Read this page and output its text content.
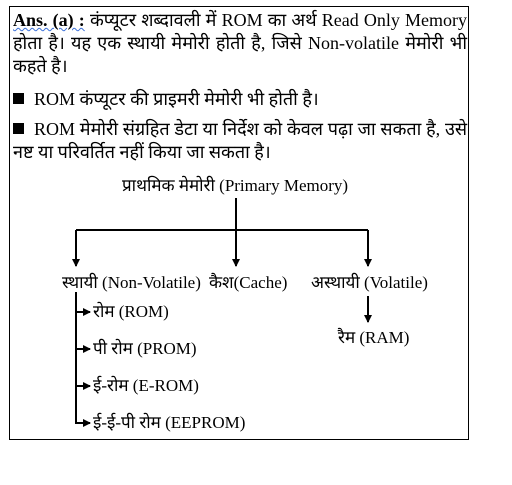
Ans. (a) : कंप्यूटर शब्दावली में ROM का अर्थ Read Only Memory होता है। यह एक स्थायी मेमोरी होती है, जिसे Non-volatile मेमोरी भी कहते है।

ROM कंप्यूटर की प्राइमरी मेमोरी भी होती है।

ROM मेमोरी संग्रहित डेटा या निर्देश को केवल पढ़ा जा सकता है, उसे नष्ट या परिवर्तित नहीं किया जा सकता है।

प्राथमिक मेमोरी (Primary Memory)
स्थायी (Non-Volatile) कैश(Cache) अस्थायी (Volatile)
रोम (ROM)
पी रोम (PROM)
ई-रोम (E-ROM)
ई-ई-पी रोम (EEPROM)
रैम (RAM)
